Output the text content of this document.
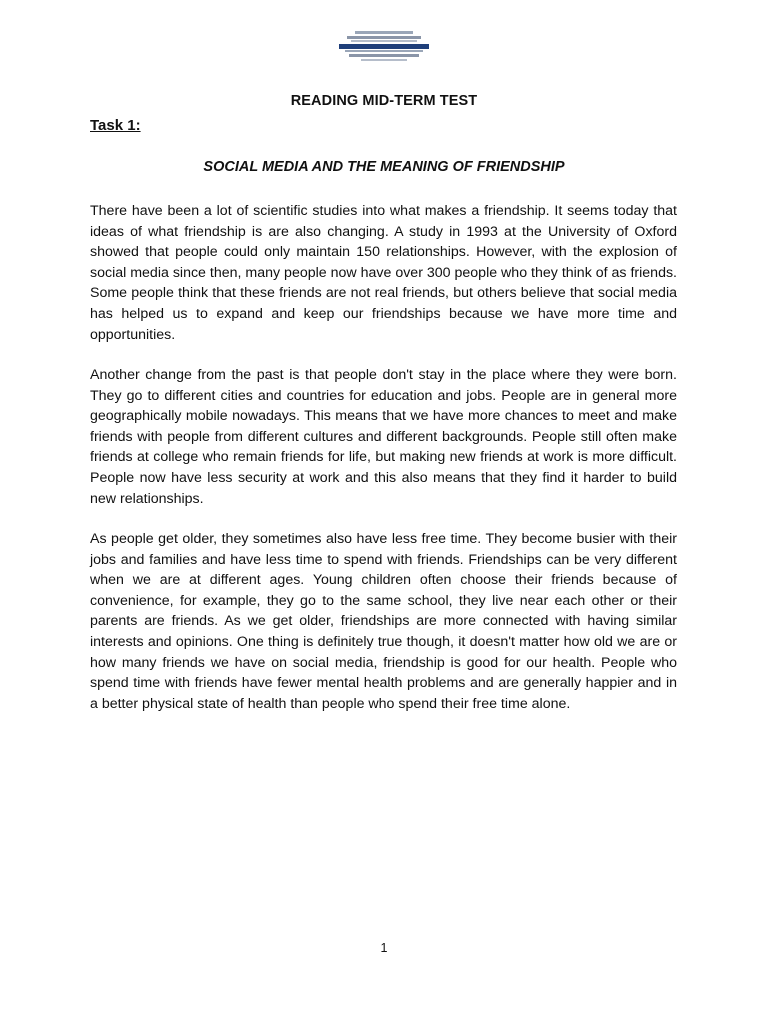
READING MID-TERM TEST
Task 1:
SOCIAL MEDIA AND THE MEANING OF FRIENDSHIP

There have been a lot of scientific studies into what makes a friendship. It seems today that ideas of what friendship is are also changing. A study in 1993 at the University of Oxford showed that people could only maintain 150 relationships. However, with the explosion of social media since then, many people now have over 300 people who they think of as friends. Some people think that these friends are not real friends, but others believe that social media has helped us to expand and keep our friendships because we have more time and opportunities.

Another change from the past is that people don't stay in the place where they were born. They go to different cities and countries for education and jobs. People are in general more geographically mobile nowadays. This means that we have more chances to meet and make friends with people from different cultures and different backgrounds. People still often make friends at college who remain friends for life, but making new friends at work is more difficult. People now have less security at work and this also means that they find it harder to build new relationships.

As people get older, they sometimes also have less free time. They become busier with their jobs and families and have less time to spend with friends. Friendships can be very different when we are at different ages. Young children often choose their friends because of convenience, for example, they go to the same school, they live near each other or their parents are friends. As we get older, friendships are more connected with having similar interests and opinions. One thing is definitely true though, it doesn't matter how old we are or how many friends we have on social media, friendship is good for our health. People who spend time with friends have fewer mental health problems and are generally happier and in a better physical state of health than people who spend their free time alone.

1
